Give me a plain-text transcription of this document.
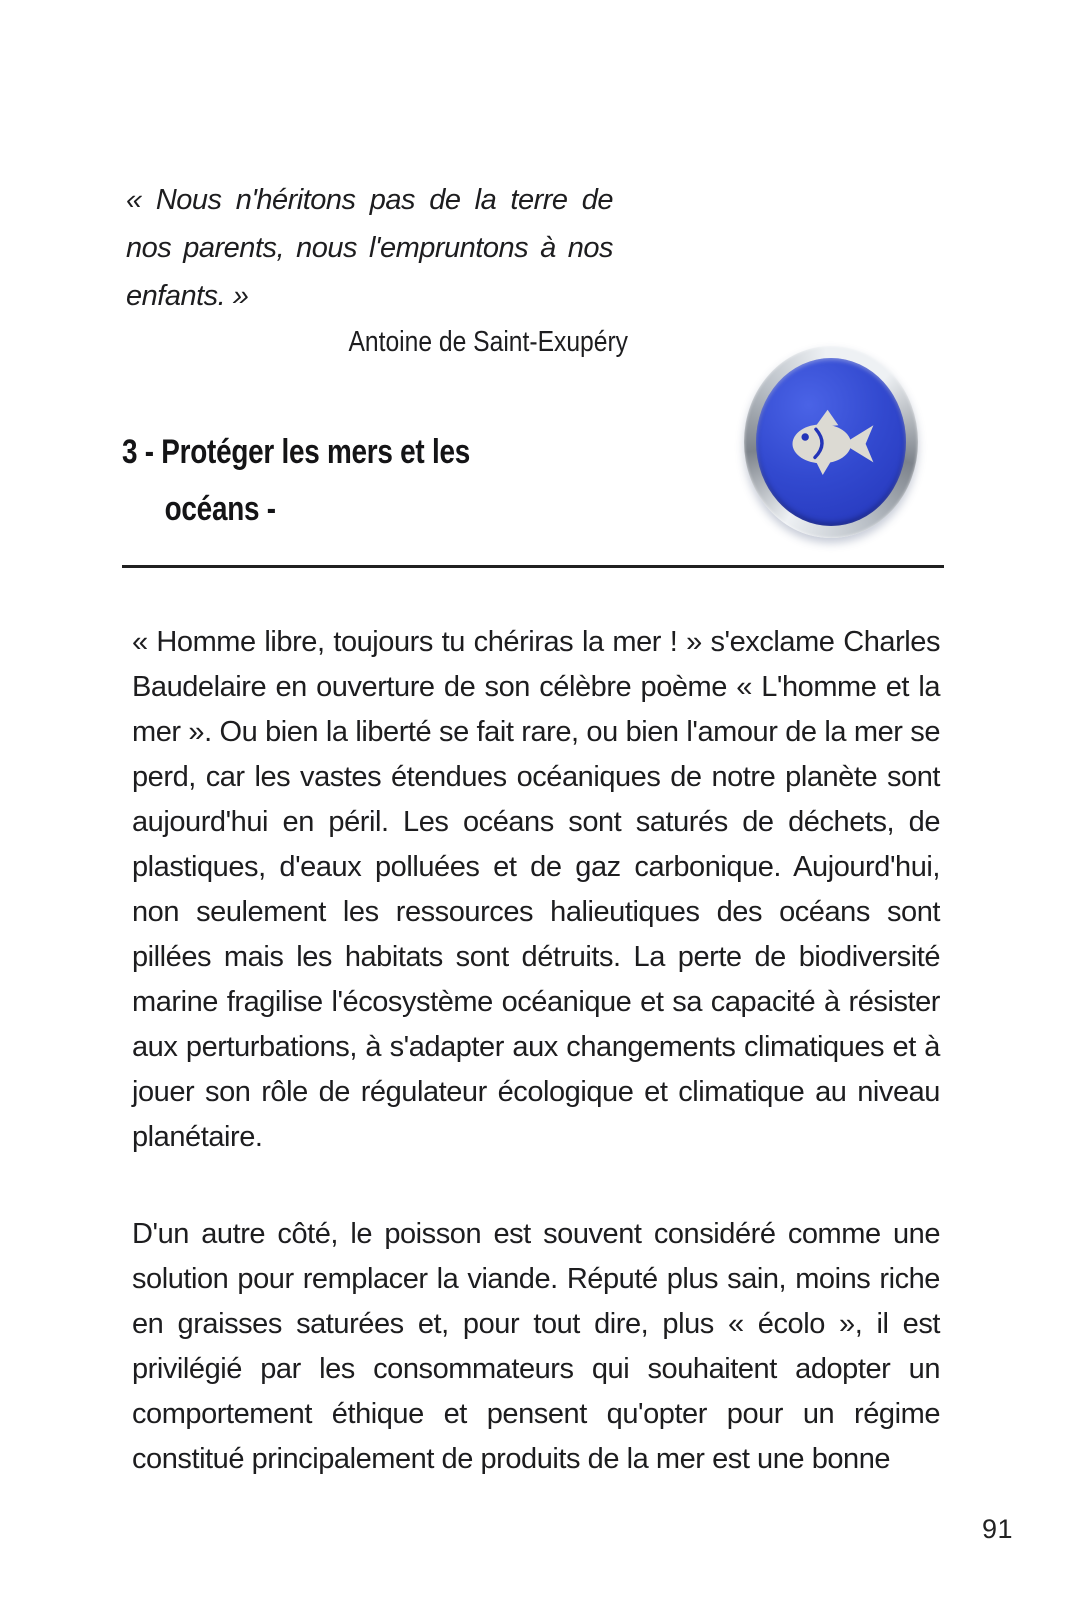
« Nous n'héritons pas de la terre de
nos parents, nous l'empruntons à nos
enfants. »
Antoine de Saint-Exupéry
3 - Protéger les mers et les
océans -

« Homme libre, toujours tu chériras la mer ! » s'exclame Charles Baudelaire en ouverture de son célèbre poème « L'homme et la mer ». Ou bien la liberté se fait rare, ou bien l'amour de la mer se perd, car les vastes étendues océaniques de notre planète sont aujourd'hui en péril. Les océans sont saturés de déchets, de plastiques, d'eaux polluées et de gaz carbonique. Aujourd'hui, non seulement les ressources halieutiques des océans sont pillées mais les habitats sont détruits. La perte de biodiversité marine fragilise l'écosystème océanique et sa capacité à résister aux perturbations, à s'adapter aux changements climatiques et à jouer son rôle de régulateur écologique et climatique au niveau planétaire.

D'un autre côté, le poisson est souvent considéré comme une solution pour remplacer la viande. Réputé plus sain, moins riche en graisses saturées et, pour tout dire, plus « écolo », il est privilégié par les consommateurs qui souhaitent adopter un comportement éthique et pensent qu'opter pour un régime constitué principalement de produits de la mer est une bonne

91
